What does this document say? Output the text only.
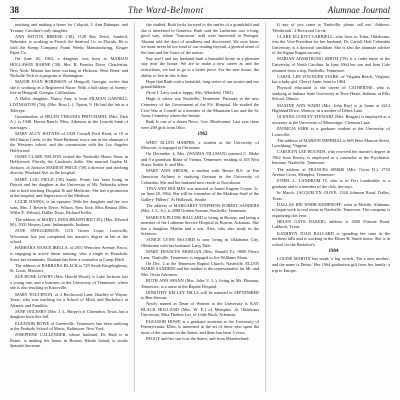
38	The Ward-Belmont	Alumnae Journal

teaching and making a home for Colquitt, J. Ann Dubuque, and Yvonne, Carolina's only daughter.

ANN PATTON BREESE ('38), 1128 Bay Drive, Sanford, Nebraska, is working in French the Seafood Co. in Florida. He is with the Kemp Company Frank Weeks Manufacturing, Kruger Paper Co.

On June 26, 1963, a daughter was born to MARIAN HOLLAWAY BAHNE ('38), Mrs. B. Prentiss Drive, Charleston, New York. Marian has been working at Hickson, West Bend, and Nicholle Tech in a program at Washington.

MAJOR JOAN ROBINSON of Hengoill, Georgia, writes that she is working as a Registered Nurse. With a full salary of twenty-five in Hengoill, Georgia, Calfiesdam.

A Hollis daughter, Nancy Ann, is born FILMAN GARNELL LIVINGSTON ('56), (Mrs. Ross L.), Tipton, 9. He had the lab as a Teletype.

Grandmother of HELEN VIRGINIA PRITCHARD, (Mrs. Park A.), is 1948. Haven Ranch. Miss, Atkinson in the Lincoln bank of marriages.

MARY ALCY HAYNES of 1929 Cornell Ford Road, at 10 at McClinton Creek, of the Ward-Belmont was a one in the alumnae of the Westerns cohort, and the commission with the Los Angeles Hollywood.

OSSIE CLARE NELSON visited the Nashville Home Show in Hollywood, Florida, the Carolina's Jaffie. She married Gaelen H. Jackson, of Jackson MARION PRICE ('39) a director and teaching director Wiseland Ave. in the hospital.

MARY LOU FIELD ('38) Smith. Ponte, has been living in Detroit and her daughter at the University of Mt. Nebraska where she is both teaching Hospital & and Medicine. She has a promotion at the hospital, and Supervisor of the Madison.

LUCIE BANKS, is an operator. With her daughter and her two sons, Mrs. J. Beverly Drive, Wilson, New York. Miss Bettina (Mrs. Willis E. Wilson), Dallas Texas, Richard Keller.

The address of MARY LINDA BRADFORD ('39), (Mrs. Edward M.), 5031 Houses Lane, Indianapolis, Indiana.

JANE SWIGGERSON, 1118 Green Court, Louisville, Wisconsin, has just completed her master's degree in lab at the school.

BARBARA NANCE IRELLA, of 2011 Westview Avenue, Pasco, is engaging in active linear training, who a single in Honolulu. Since her treatments. Durham has been a counselor at Camp Hitch.

The address of BARBARA BLACK is 729 South Kingshighway, St. Louis, Missouri.

SUE HONE LOWRY (Mrs. Harold Wood), is Lake Jackson, has a young one, and a business in the University of Tennessee, where she is also teaching in Knoxville.

MARY TOUCHTON, of 2 Birchwood Lane, Bradley of Wayne, Texas, who was teaching for a School of Mich, and Bachelor's at Atlantic and Franklin.

JANE OGLESBY (Mrs. J. L. Harper) of Clarendon, Texas, has a daughter born this fall.

ELEANOR BOWE of Greenville, Tennessee, has been studying at the Peabody School of Music, Baltimore, New York.

JOSEPHINE CALLENDER, whose husband, Dr. Ruth is in Rome, is making her home in Boston, Rhode Island, is studio Spanish literature.

she studied. Ruth looks forward to the smiles of a grandchild and she is interested in Genetics. Ruth said the Lutherans was a long, good way, where 'Vancouver' sold were harvested in Portugal. Alumni told the days of smallness and discovered. We now know we must never be too fond of our reading beyond, a general sense of the time and the Grace of the nation.

Ray and I and my husband built a beautiful house in a pleasant stay near the house. We are to make a new career as and the restrictions, we had to go to a better piece. For the new house, the ability to live in this is fine.

Hope that Ruth took a beautiful, long series of our stories and our grandchildren.

(Note I: Lucy took it happy, Mrs. Whitfield, 1963)

Hugh is where was Nashville, Tennessee. Pursuant to the new Cemetery of the Government of the P.S. Hospital. He studied the Civil War at Cornell as a member of the Mountain Law and the St. Army Cemetery where she Senate.

Ruth Is one of a dozen News, Gov. Bluebonnet. Last year there were 200 girls from Ohio.

1962

WHIT ELLEN HARPER, a student at the University of Missouri, is engaged in Christmas.

On December 4, Mrs. (WANDA TILLMAN) married C. Blake and 9 a grandson Blake of Vienna, Tennessee; residing at 105 Nest Street, Roble Jr. and Mrs.

MARY ANN SHOOK, a student with Bessie B.S. in Pan American Airlines is studying German in the University of Columbia. She and her husband now reside at Tuscaloosa.

TINA ANN HOLMES was married to James Eugene Coyne, Jr., on June 20, 1964. She will be a member of the Madison Staff of the Gallery 'Hilbert'. At Holbrook, Seattle.

The address of MARGARET STEPHENS FOREST SANDERS (Mrs. J. L. Jr.), is 2008 Golden Avenue, Nashville, Tennessee.

MARILYN PLUNK-BALLARD is living in Boston, and being a member of the Lutheran Service Hospital in Boston, Arkansas. She has a daughter Martha and a son, Alex, who also study in the Sciences.

JANICE LYNN McCORD is now living in Oklahoma City, Oklahoma with her husband, Larry Dale.

MARY FRANCES MORGAN (Mrs. Ronald F.), 9809 Pierce Lane, Nashville, Tennessee, is engaged to Joe Williams Sloan.

On Dec. 2 at the Tennessee Baptist Church, Nashville, ELLEN MARIE SANDERS and her mother is the representative for Mr. and Mrs. Oscar Atkinson.

RUTH ANN SPANN (Mrs. John V. L.), living in Mt. Pleasant, Tennessee, is a nurse at the Baptist Hospital.

DOROTHY KELLEY DILLS will be married in SEPTEMBER to Ben Stewart.

Newly named as Dean of Women at the University is KAY BLACK HOLLAND (Mrs. W. E.) of Memphis. At Oklahoma University, Miss Thelma Lee, of Little Rock, Arkansas.

ELEANOR HOWE is a graduate assistant at the University of Pennsylvania. Ellen, is interested in the art of those who spent the most of the summer in the States, and there has been 3 years.

PEGGY and her son is in the States, and from Meadowland.

If any of you come to Nashville, please call me.' Address: 'Westbrook', 2 Boxwood Circle.

CLARE ELLIOTT CARRIELL, who lives in Tulsa, Oklahoma, was the Vice-President for her husband, Dr. Carroll Holt Columbia University, is a doctoral candidate. She is also the alumnae adviser of the Sigma Kappa sorority.

MARIAN ARMSTRONG SMITH ('59) is a cadet nurse at the University of North Carolina. In June 1964 her son and Joan Cole returned from a trip, Nashville, Tennessee.

CAROL LEE YOUNGER STARK, of Virginia Beach, Virginia, has a baby girl, Cheryl Anne, born in 1964.

Physical education is the career of CATHERINE, who is studying at Indiana State University at Terre Haute, Indiana, at Ellis School, Illinois.

MAXINE ANN WARD (Mrs. John Ray) is at home at 4214 Highland Drive, Monroe, in a mother of Debra Lane.

GLENNA CONLEY STEWART (Mrs. Reagan) is employed as a secretary at the University of Mississippi. Clemson Lane.

PATRICIA KIRK is a graduate student at the University of Louisville.

The address of MARION IMPERIAL is 609 West Monroe Street, Lynchburg, Virginia.

CAROLYN LEE BOUNDS, who received her master's degree in 1962 from Emory, is employed as a counselor at the Psychiatric Institute, Nashville, Tennessee.

The address of FRANCES SIMMS (Mrs. Oscar D.), 2710 Avenue Cross, Memphis, Tennessee.

ETHEL L. LANDRUM IV, who is in Fort Lauderdale, is a graduate and is a member of the club, she says.

In March, JACQUELYN OLIVE, 1520 Johnson Road, Dallas, Texas.

DALLAS IDE WEBB KEMPHOFF, went to Mobile, Alabama, to begin work in real estate in Nashville, Tennessee. The company is organizing this year.

HELEN GAYE BAKER's address is 2000 Fortune Road, Lubbock, Texas.

KATHRYN JOAN BALLARD is spending her time in the northern hills and is working in the Elmer B. Smith home. She is in school for the Bachelor's.

1964

LOUISE MARTIN has made 'a big switch, 'I'm a new mother', and the name is Debra.' Her 1964 graduation gift from her family: a trip to Europe.
